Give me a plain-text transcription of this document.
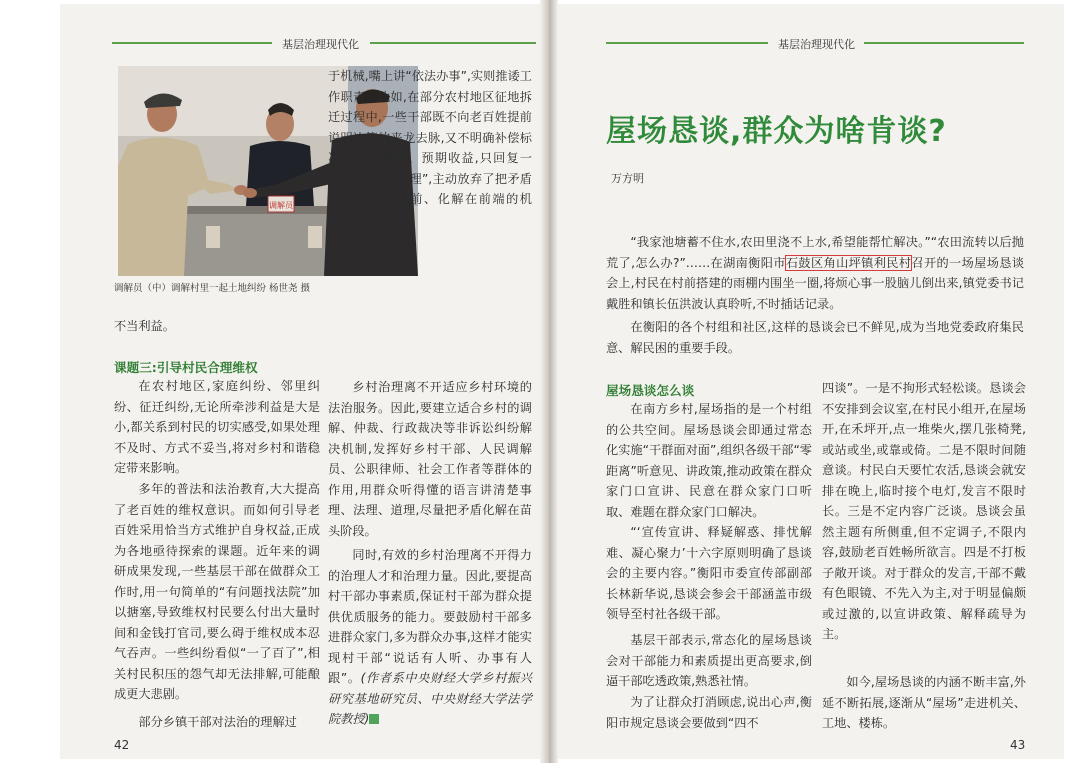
基层治理现代化	基层治理现代化
调解员
调解员（中）调解村里一起土地纠纷 杨世尧 摄
不当利益。
课题三:引导村民合理维权
在农村地区,家庭纠纷、邻里纠纷、征迁纠纷,无论所牵涉利益是大是小,都关系到村民的切实感受,如果处理不及时、方式不妥当,将对乡村和谐稳定带来影响。
多年的普法和法治教育,大大提高了老百姓的维权意识。而如何引导老百姓采用恰当方式维护自身权益,正成为各地亟待探索的课题。近年来的调研成果发现,一些基层干部在做群众工作时,用一句简单的“有问题找法院”加以搪塞,导致维权村民要么付出大量时间和金钱打官司,要么碍于维权成本忍气吞声。一些纠纷看似“一了百了”,相关村民积压的怨气却无法排解,可能酿成更大悲剧。
部分乡镇干部对法治的理解过
于机械,嘴上讲“依法办事”,实则推诿工作职责。比如,在部分农村地区征地拆迁过程中,一些干部既不向老百姓提前说明决策的来龙去脉,又不明确补偿标准、补偿依据、预期收益,只回复一句“已按程序办理”,主动放弃了把矛盾纠纷发现在事前、化解在前端的机会。
乡村治理离不开适应乡村环境的法治服务。因此,要建立适合乡村的调解、仲裁、行政裁决等非诉讼纠纷解决机制,发挥好乡村干部、人民调解员、公职律师、社会工作者等群体的作用,用群众听得懂的语言讲清楚事理、法理、道理,尽量把矛盾化解在苗头阶段。
同时,有效的乡村治理离不开得力的治理人才和治理力量。因此,要提高村干部办事素质,保证村干部为群众提供优质服务的能力。要鼓励村干部多进群众家门,多为群众办事,这样才能实现村干部“说话有人听、办事有人跟”。(作者系中央财经大学乡村振兴研究基地研究员、中央财经大学法学院教授)
42
屋场恳谈,群众为啥肯谈?
万方明
“我家池塘蓄不住水,农田里浇不上水,希望能帮忙解决。”“农田流转以后抛荒了,怎么办?”……在湖南衡阳市石鼓区角山坪镇利民村召开的一场屋场恳谈会上,村民在村前搭建的雨棚内围坐一圈,将烦心事一股脑儿倒出来,镇党委书记戴胜和镇长伍洪波认真聆听,不时插话记录。
在衡阳的各个村组和社区,这样的恳谈会已不鲜见,成为当地党委政府集民意、解民困的重要手段。
屋场恳谈怎么谈
在南方乡村,屋场指的是一个村组的公共空间。屋场恳谈会即通过常态化实施“干群面对面”,组织各级干部“零距离”听意见、讲政策,推动政策在群众家门口宣讲、民意在群众家门口听取、难题在群众家门口解决。
“‘宣传宣讲、释疑解惑、排忧解难、凝心聚力’十六字原则明确了恳谈会的主要内容。”衡阳市委宣传部副部长林新华说,恳谈会参会干部涵盖市级领导至村社各级干部。
基层干部表示,常态化的屋场恳谈会对干部能力和素质提出更高要求,倒逼干部吃透政策,熟悉社情。
为了让群众打消顾虑,说出心声,衡阳市规定恳谈会要做到“四不
四谈”。一是不拘形式轻松谈。恳谈会不安排到会议室,在村民小组开,在屋场开,在禾坪开,点一堆柴火,摆几张椅凳,或站或坐,或靠或倚。二是不限时间随意谈。村民白天要忙农活,恳谈会就安排在晚上,临时接个电灯,发言不限时长。三是不定内容广泛谈。恳谈会虽然主题有所侧重,但不定调子,不限内容,鼓励老百姓畅所欲言。四是不打板子敞开谈。对于群众的发言,干部不戴有色眼镜、不先入为主,对于明显偏颇或过激的,以宣讲政策、解释疏导为主。
如今,屋场恳谈的内涵不断丰富,外延不断拓展,逐渐从“屋场”走进机关、工地、楼栋。
43
